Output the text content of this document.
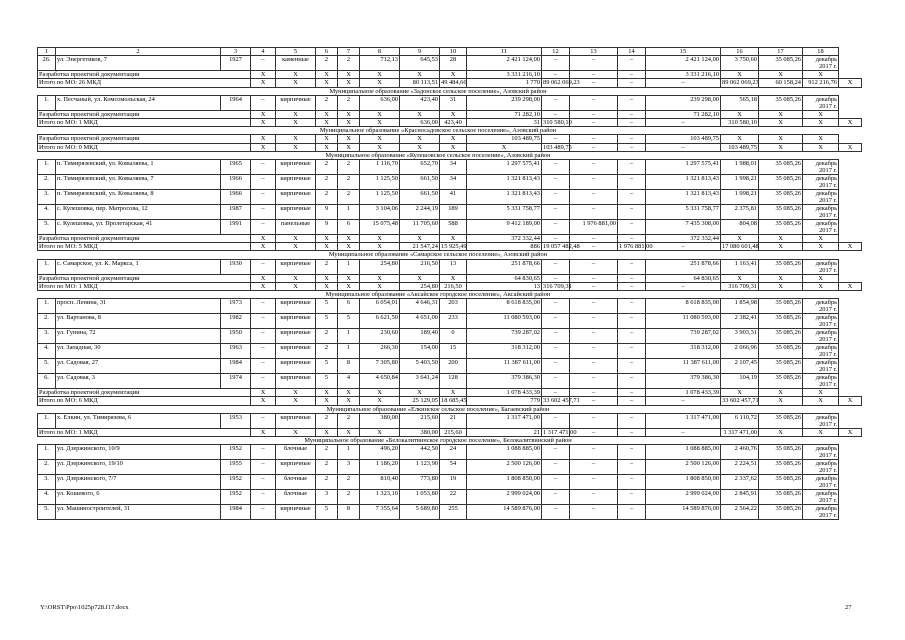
1	2	3	4	5	6	7	8	9	10	11	12	13	14	15	16	17	18	
26.	ул. Энергетиков, 7	1927	–	каменные	2	2	712,13	645,53	28	2 421 124,00	–	–	–	2 421 124,00	3 750,60	35 085,26	декабрь 2017 г.	
Разработка проектной документации			X	X	X	X	X	X	X	3 331 216,10	–	–	–	3 331 216,10	X	X	X	
Итого по МО: 26 МКД			X	X	X	X	X	80 113,51	49 484,66	1 770	89 062 069,23	–	–	–	89 062 069,23	60 158,24	912 216,76	X
Муниципальное образование «Задонское сельское поселение», Азовский район																		
1.	х. Песчаный, ул. Комсомольская, 24	1964	–	кирпичные	2	2	636,00	423,40	31	239 298,00	–	–	–	239 298,00	565,18	35 085,26	декабрь 2017 г.	
Разработка проектной документации			X	X	X	X	X	X	X	71 282,10	–	–	–	71 282,10	X	X	X	
Итого по МО: 1 МКД			X	X	X	X	X	636,00	423,40	31	310 580,10	–	–	–	310 580,10	X	X	X
Муниципальное образование «Красносадовское сельское поселение», Азовский район																		
Разработка проектной документации			X	X	X	X	X	X	X	103 489,75	–	–	–	103 489,75	X	X	X	
Итого по МО: 0 МКД			X	X	X	X	X	X	X	X	103 489,75	–	–	–	103 489,75	X	X	X
Муниципальное образование «Кулешовское сельское поселение», Азовский район																		
1.	п. Тимирязевский, ул. Ковыляева, 1	1965	–	кирпичные	2	2	1 116,70	652,70	34	1 297 575,41	–	–	–	1 297 575,41	1 988,01	35 085,26	декабрь 2017 г.	
2.	п. Тимирязевский, ул. Ковыляева, 7	1966	–	кирпичные	2	2	1 125,50	661,50	34	1 321 813,43	–	–	–	1 321 813,43	1 998,21	35 085,26	декабрь 2017 г.	
3.	п. Тимирязевский, ул. Ковыляева, 8	1966	–	кирпичные	2	2	1 125,50	661,50	41	1 321 813,43	–	–	–	1 321 813,43	1 998,21	35 085,26	декабрь 2017 г.	
4.	с. Кулешовка, пер. Матросова, 12	1987	–	кирпичные	9	1	3 104,06	2 244,19	189	5 331 758,77	–	–	–	5 331 758,77	2 375,81	35 085,26	декабрь 2017 г.	
5.	с. Кулешовка, ул. Пролетарская, 41	1991	–	панельные	9	6	15 075,48	11 705,60	588	9 412 189,00	–	1 976 881,00	–	7 435 308,00	804,08	35 085,26	декабрь 2017 г.	
Разработка проектной документации			X	X	X	X	X	X	X	372 332,44	–	–	–	372 332,44	X	X	X	
Итого по МО: 5 МКД			X	X	X	X	X	21 547,24	15 925,49	886	19 057 482,48	–	1 976 881,00	–	17 080 601,48	X	X	X
Муниципальное образование «Самарское сельское поселение», Азовский район																		
1.	с. Самарское, ул. К. Маркса, 1	1930	–	кирпичные	2	1	254,80	216,50	13	251 878,66	–	–	–	251 878,66	1 163,41	35 085,26	декабрь 2017 г.	
Разработка проектной документации			X	X	X	X	X	X	X	64 830,65	–	–	–	64 830,65	X	X	X	
Итого по МО: 1 МКД			X	X	X	X	X	254,80	216,50	13	316 709,31	–	–	–	316 709,31	X	X	X
Муниципальное образование «Аксайское городское поселение», Аксайский район																		
1.	просп. Ленина, 31	1973	–	кирпичные	5	6	6 054,01	4 646,31	203	8 618 835,00	–	–	–	8 618 835,00	1 854,98	35 085,26	декабрь 2017 г.	
2.	ул. Вартанова, 8	1982	–	кирпичные	5	5	6 621,50	4 651,00	233	11 080 593,00	–	–	–	11 080 593,00	2 382,41	35 085,26	декабрь 2017 г.	
3.	ул. Гунина, 72	1950	–	кирпичные	2	1	230,60	189,40	0	739 287,02	–	–	–	739 287,02	3 903,31	35 085,26	декабрь 2017 г.	
4.	ул. Западная, 30	1963	–	кирпичные	2	1	266,30	154,00	15	318 312,00	–	–	–	318 312,00	2 066,96	35 085,26	декабрь 2017 г.	
5.	ул. Садовая, 27	1984	–	кирпичные	5	8	7 305,80	5 403,50	200	11 387 611,00	–	–	–	11 387 611,00	2 107,45	35 085,26	декабрь 2017 г.	
6.	ул. Садовая, 3	1974	–	кирпичные	5	4	4 650,84	3 641,24	128	379 386,30	–	–	–	379 386,30	104,19	35 085,26	декабрь 2017 г.	
Разработка проектной документации			X	X	X	X	X	X	X	1 078 433,39	–	–	–	1 078 433,39	X	X	X	
Итого по МО: 6 МКД			X	X	X	X	X	25 129,05	18 685,45	779	33 602 457,71	–	–	–	33 602 457,71	X	X	X
Муниципальное образование «Елкинское сельское поселение», Багаевский район																		
1.	х. Елкин, ул. Тимирязева, 6	1953	–	кирпичные	2	2	380,00	215,60	21	1 317 471,00	–	–	–	1 317 471,00	6 110,72	35 085,26	декабрь 2017 г.	
Итого по МО: 1 МКД			X	X	X	X	X	380,00	215,60	21	1 317 471,00	–	–	–	1 317 471,00	X	X	X
Муниципальное образование «Белокалитвинское городское поселение», Белокалитвинский район																		
1.	ул. Дзержинского, 10/9	1952	–	блочные	2	1	496,20	442,50	24	1 088 885,00	–	–	–	1 088 885,00	2 460,76	35 085,26	декабрь 2017 г.	
2.	ул. Дзержинского, 19/10	1955	–	кирпичные	2	3	1 186,20	1 123,90	54	2 500 126,00	–	–	–	2 500 126,00	2 224,51	35 085,26	декабрь 2017 г.	
3.	ул. Дзержинского, 7/7	1952	–	блочные	2	2	810,40	773,80	19	1 808 850,00	–	–	–	1 808 850,00	2 337,62	35 085,26	декабрь 2017 г.	
4.	ул. Кошевого, 6	1952	–	блочные	3	2	1 323,10	1 053,80	22	2 999 024,00	–	–	–	2 999 024,00	2 845,91	35 085,26	декабрь 2017 г.	
5.	ул. Машиностроителей, 31	1984	–	кирпичные	5	8	7 355,64	5 689,80	255	14 589 876,00	–	–	–	14 589 876,00	2 564,22	35 085,26	декабрь 2017 г.	
Y:\ORST\Ppo\1025p728.f17.docx	27
